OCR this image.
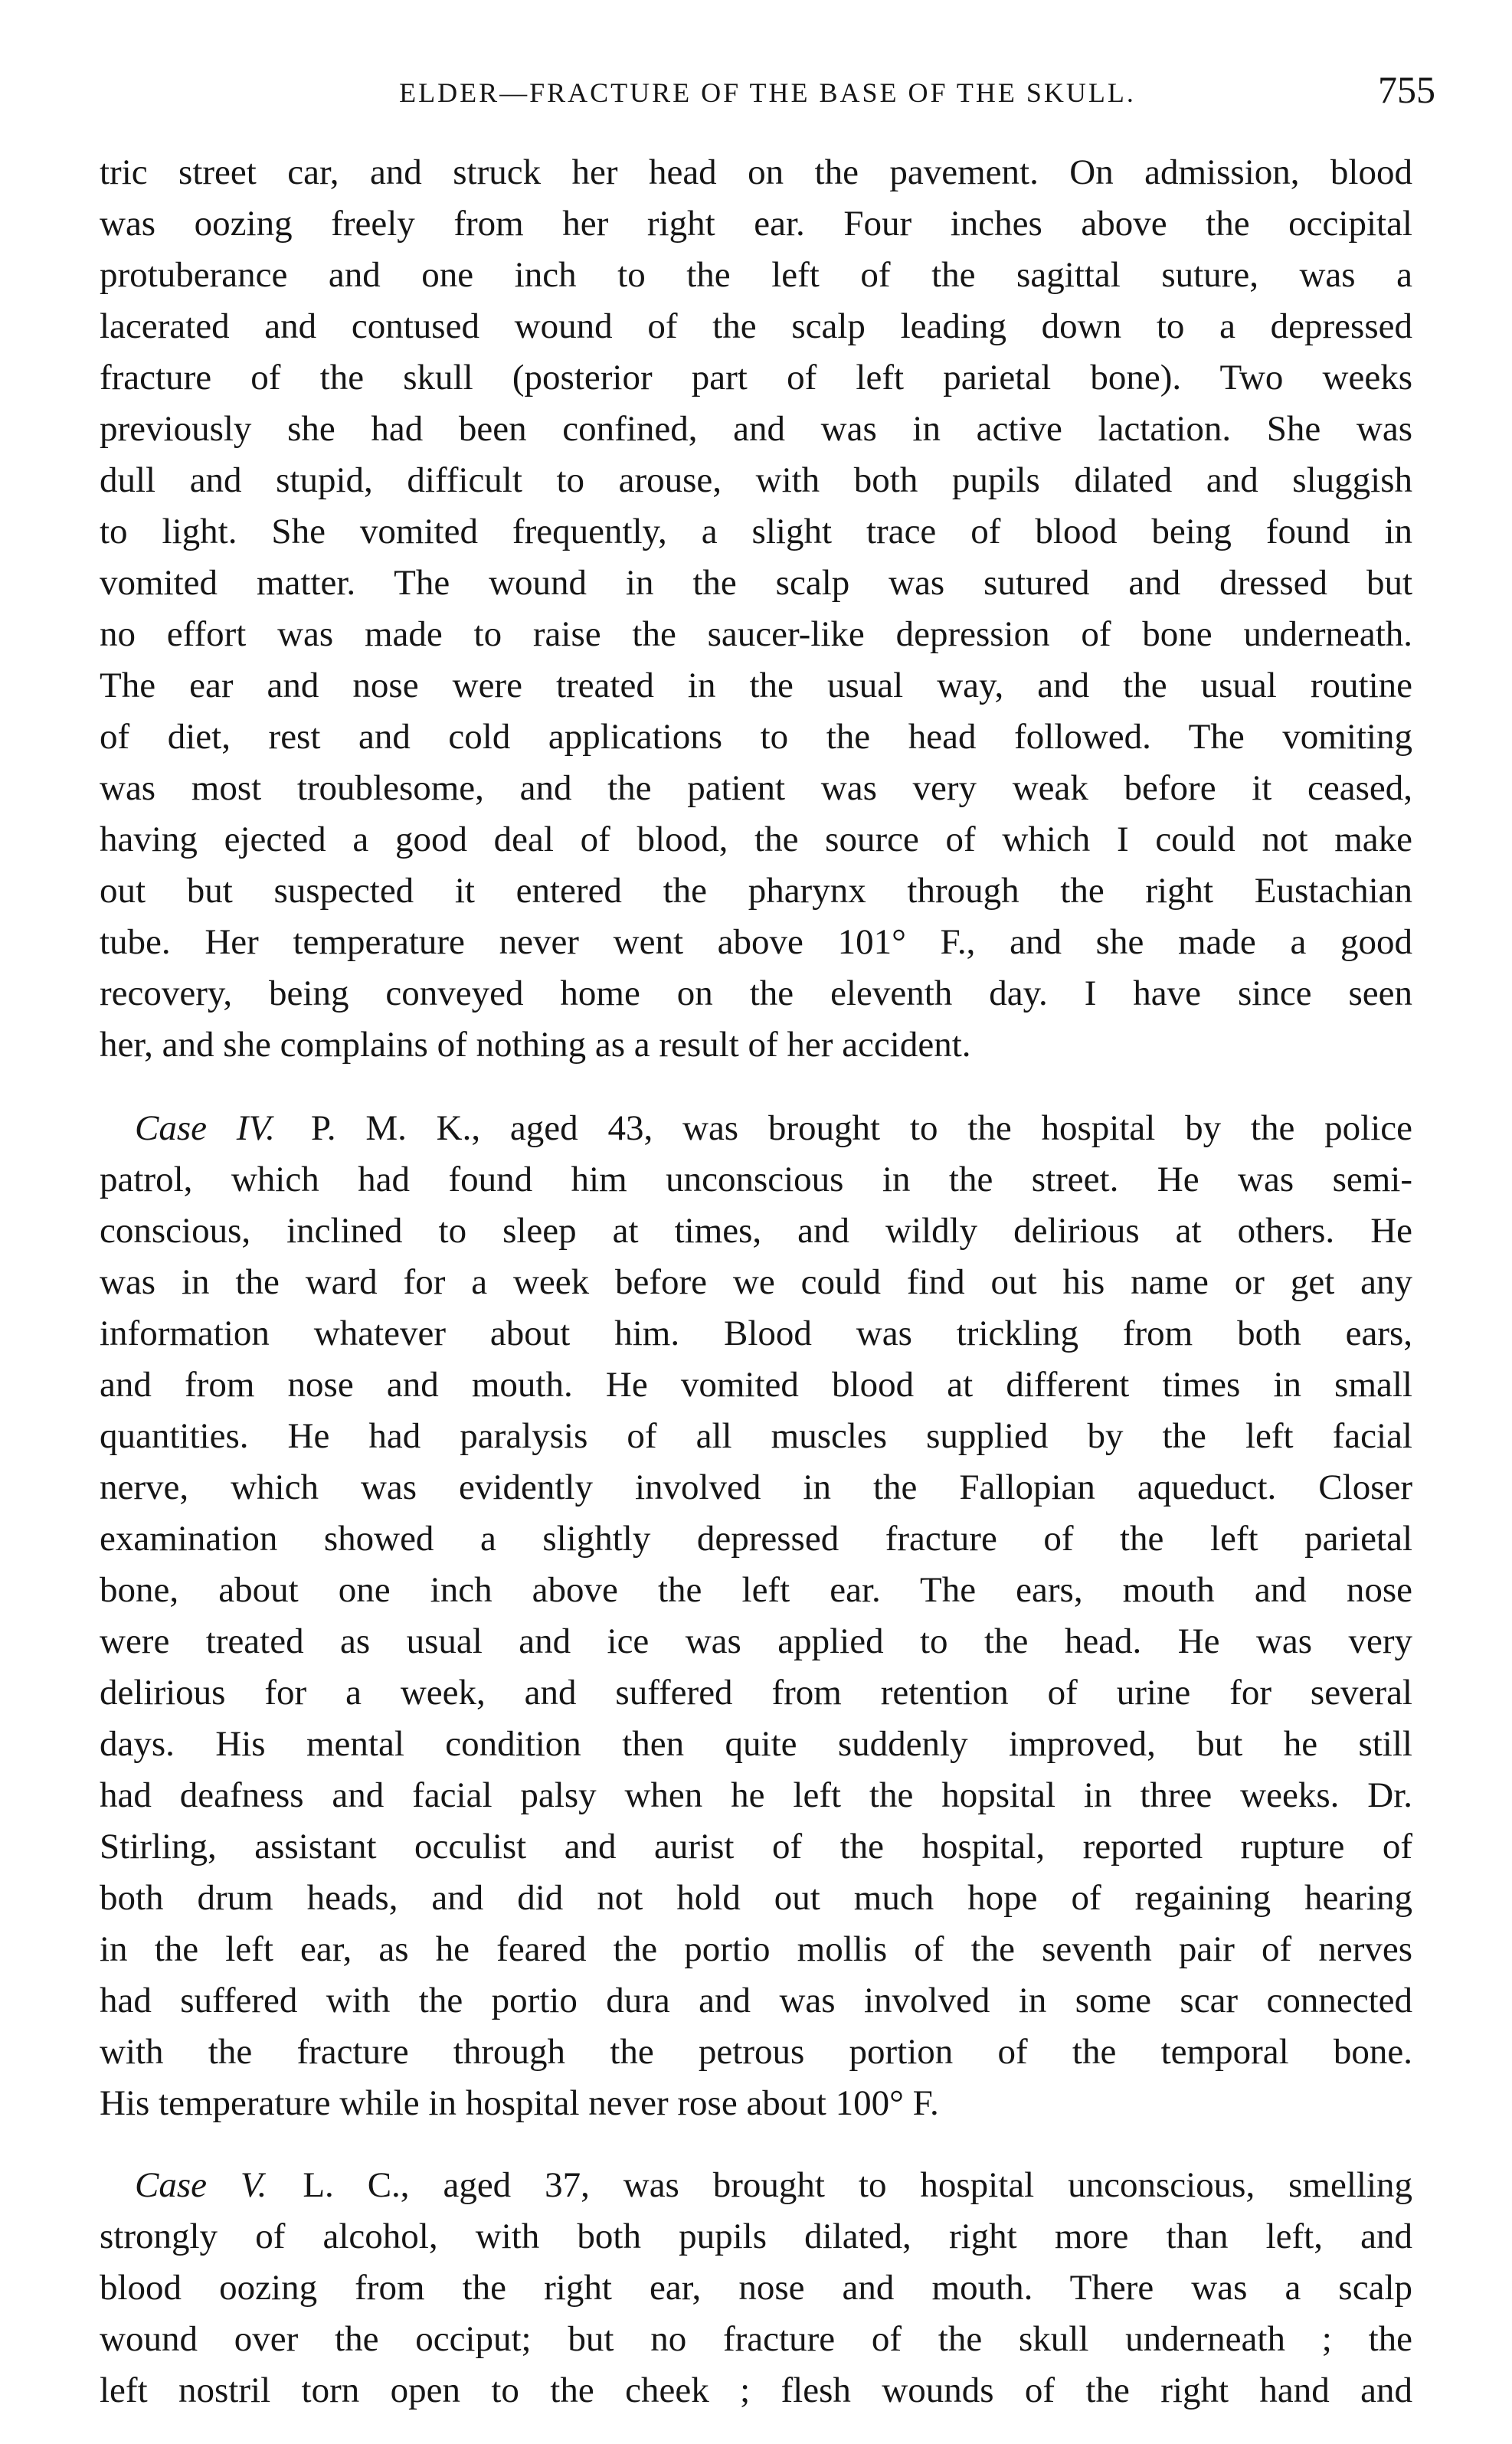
ELDER—FRACTURE OF THE BASE OF THE SKULL.	755
tric street car, and struck her head on the pavement. On admission, blood
was oozing freely from her right ear. Four inches above the occipital
protuberance and one inch to the left of the sagittal suture, was a
lacerated and contused wound of the scalp leading down to a depressed
fracture of the skull (posterior part of left parietal bone). Two weeks
previously she had been confined, and was in active lactation. She was
dull and stupid, difficult to arouse, with both pupils dilated and sluggish
to light. She vomited frequently, a slight trace of blood being found in
vomited matter. The wound in the scalp was sutured and dressed but
no effort was made to raise the saucer-like depression of bone underneath.
The ear and nose were treated in the usual way, and the usual routine
of diet, rest and cold applications to the head followed. The vomiting
was most troublesome, and the patient was very weak before it ceased,
having ejected a good deal of blood, the source of which I could not make
out but suspected it entered the pharynx through the right Eustachian
tube. Her temperature never went above 101° F., and she made a good
recovery, being conveyed home on the eleventh day. I have since seen
her, and she complains of nothing as a result of her accident.
Case IV.  P. M. K., aged 43, was brought to the hospital by the police
patrol, which had found him unconscious in the street. He was semi-
conscious, inclined to sleep at times, and wildly delirious at others. He
was in the ward for a week before we could find out his name or get any
information whatever about him. Blood was trickling from both ears,
and from nose and mouth. He vomited blood at different times in small
quantities. He had paralysis of all muscles supplied by the left facial
nerve, which was evidently involved in the Fallopian aqueduct. Closer
examination showed a slightly depressed fracture of the left parietal
bone, about one inch above the left ear. The ears, mouth and nose
were treated as usual and ice was applied to the head. He was very
delirious for a week, and suffered from retention of urine for several
days. His mental condition then quite suddenly improved, but he still
had deafness and facial palsy when he left the hopsital in three weeks. Dr.
Stirling, assistant occulist and aurist of the hospital, reported rupture of
both drum heads, and did not hold out much hope of regaining hearing
in the left ear, as he feared the portio mollis of the seventh pair of nerves
had suffered with the portio dura and was involved in some scar connected
with the fracture through the petrous portion of the temporal bone.
His temperature while in hospital never rose about 100° F.
Case V.  L. C., aged 37, was brought to hospital unconscious, smelling
strongly of alcohol, with both pupils dilated, right more than left, and
blood oozing from the right ear, nose and mouth. There was a scalp
wound over the occiput; but no fracture of the skull underneath ; the
left nostril torn open to the cheek ; flesh wounds of the right hand and
